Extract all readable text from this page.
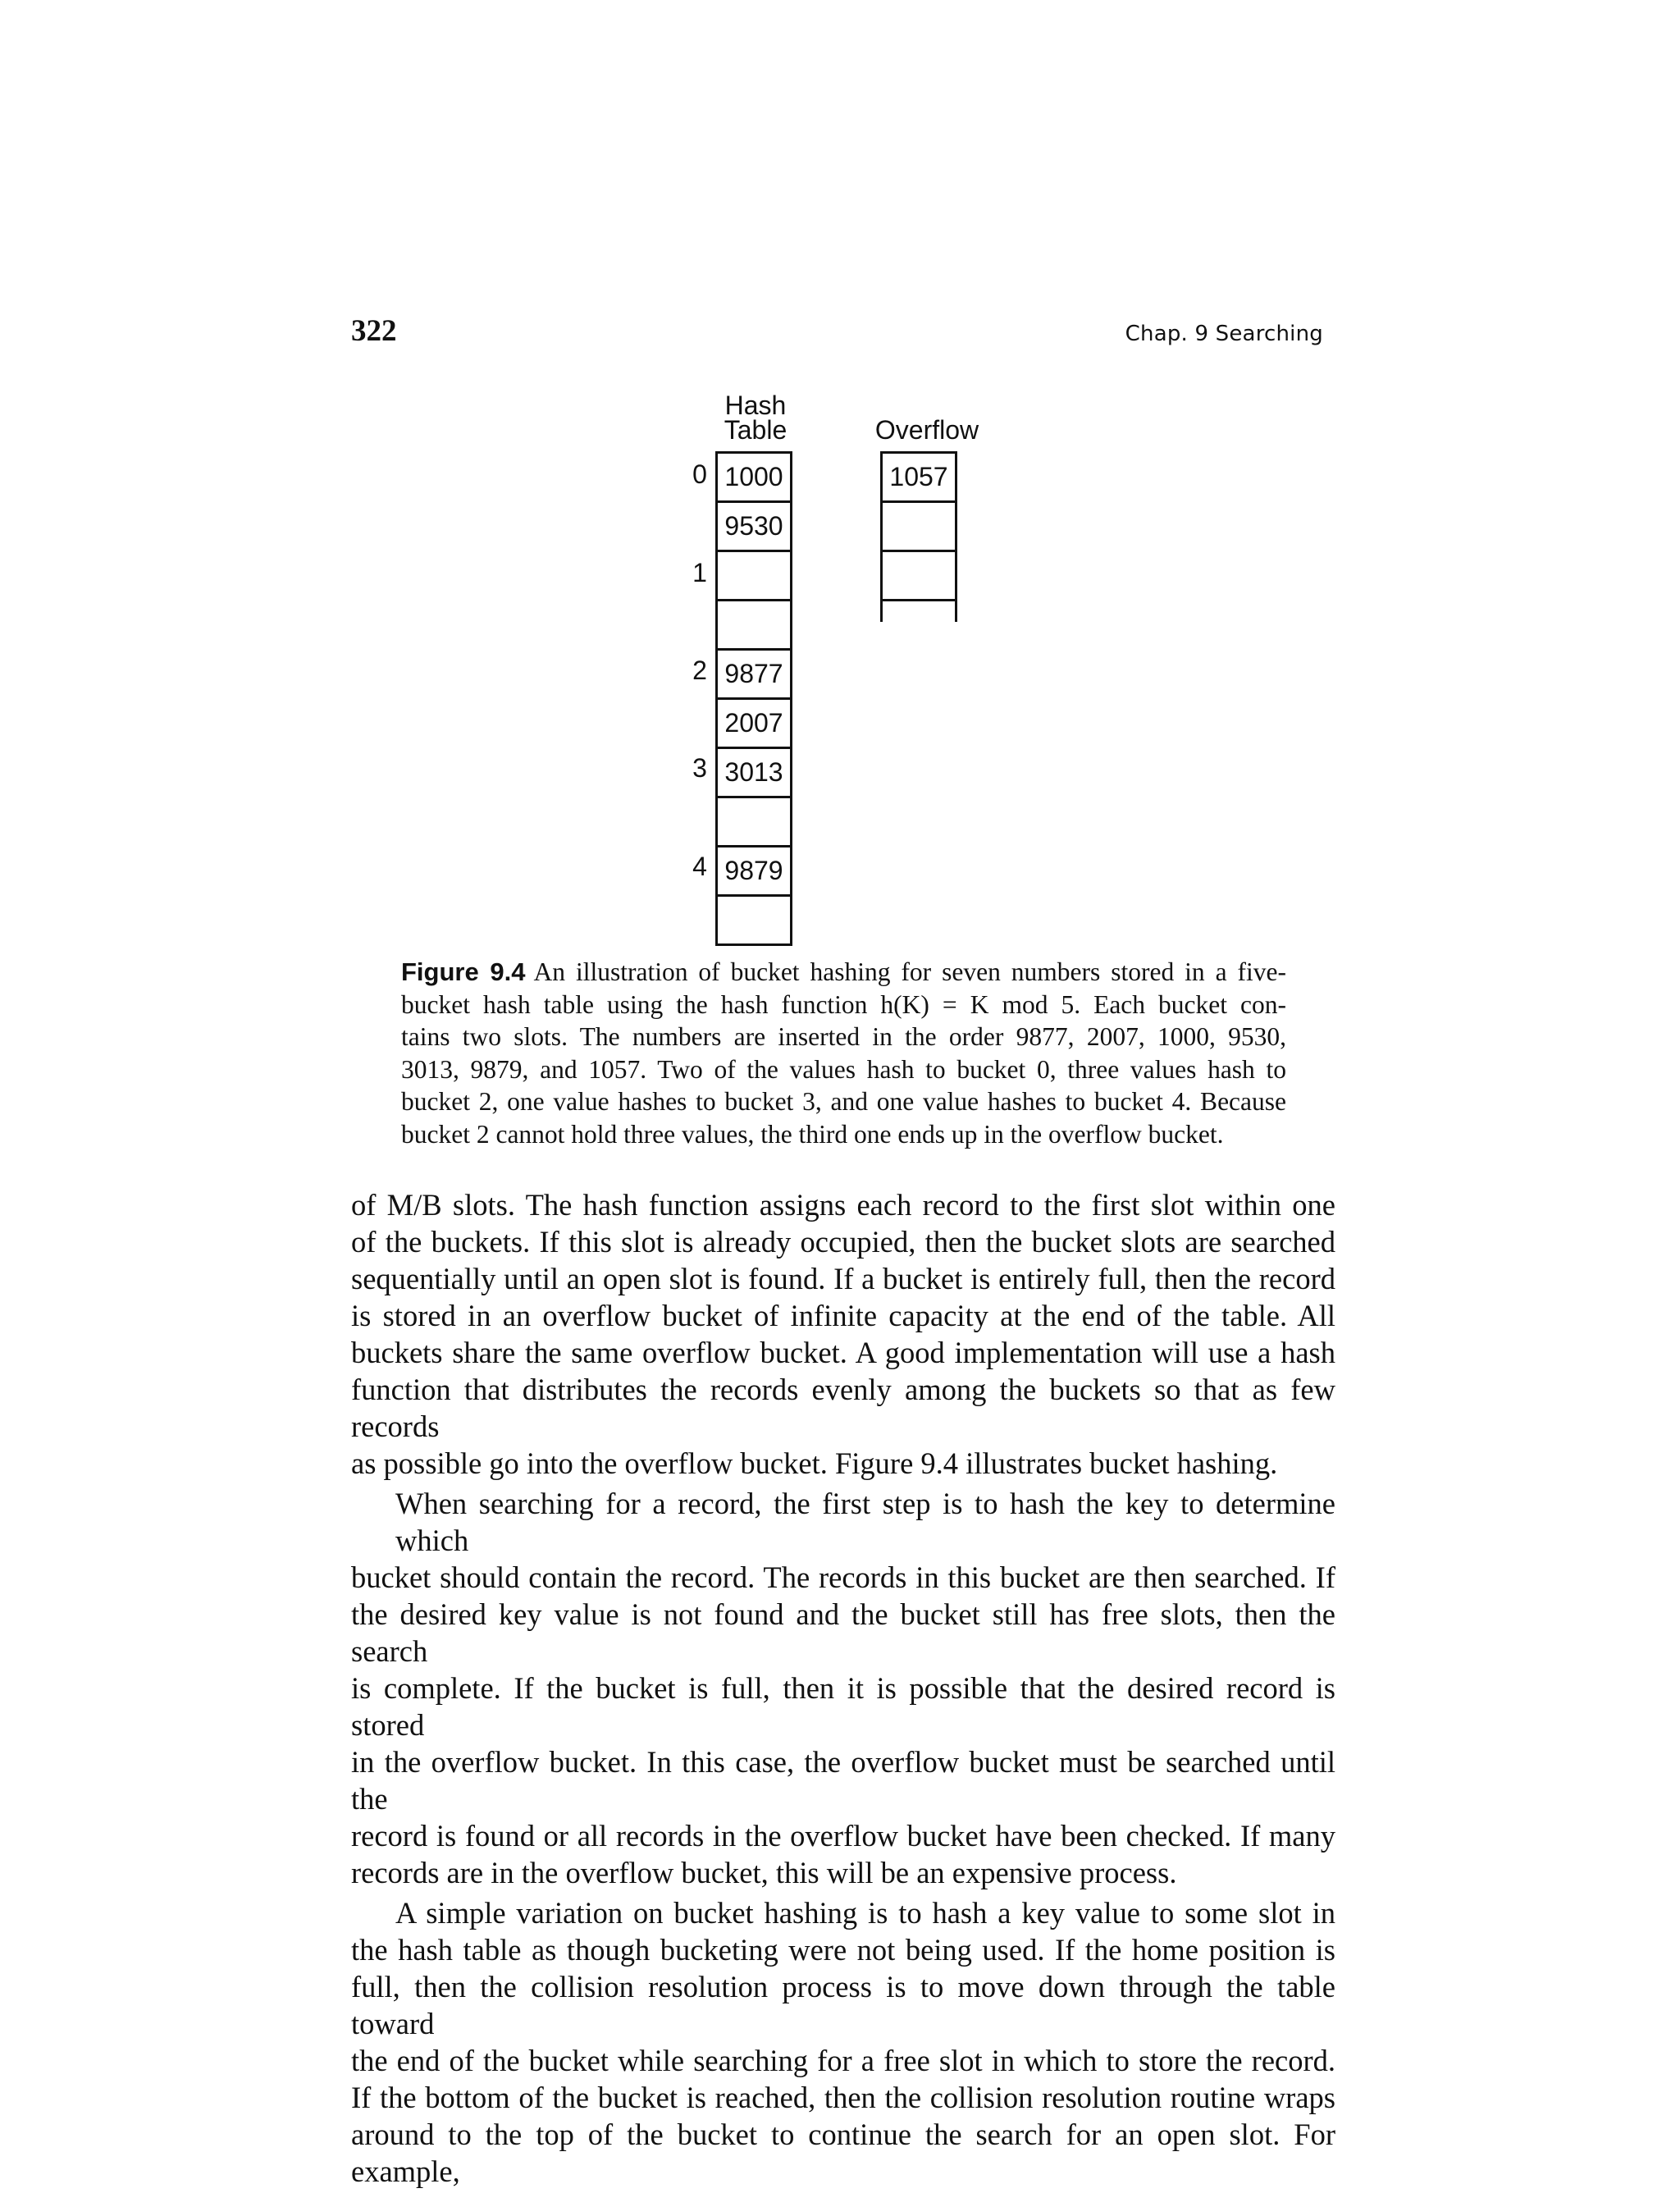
322	Chap. 9 Searching
Hash
Table	Overflow
0
1
2
3
4
1000
9530
9877
2007
3013
9879
1057
Figure 9.4 An illustration of bucket hashing for seven numbers stored in a five-
bucket hash table using the hash function h(K) = K mod 5. Each bucket con-
tains two slots. The numbers are inserted in the order 9877, 2007, 1000, 9530,
3013, 9879, and 1057. Two of the values hash to bucket 0, three values hash to
bucket 2, one value hashes to bucket 3, and one value hashes to bucket 4. Because
bucket 2 cannot hold three values, the third one ends up in the overflow bucket.

of M/B slots. The hash function assigns each record to the first slot within one
of the buckets. If this slot is already occupied, then the bucket slots are searched
sequentially until an open slot is found. If a bucket is entirely full, then the record
is stored in an overflow bucket of infinite capacity at the end of the table. All
buckets share the same overflow bucket. A good implementation will use a hash
function that distributes the records evenly among the buckets so that as few records
as possible go into the overflow bucket. Figure 9.4 illustrates bucket hashing.

When searching for a record, the first step is to hash the key to determine which
bucket should contain the record. The records in this bucket are then searched. If
the desired key value is not found and the bucket still has free slots, then the search
is complete. If the bucket is full, then it is possible that the desired record is stored
in the overflow bucket. In this case, the overflow bucket must be searched until the
record is found or all records in the overflow bucket have been checked. If many
records are in the overflow bucket, this will be an expensive process.

A simple variation on bucket hashing is to hash a key value to some slot in
the hash table as though bucketing were not being used. If the home position is
full, then the collision resolution process is to move down through the table toward
the end of the bucket while searching for a free slot in which to store the record.
If the bottom of the bucket is reached, then the collision resolution routine wraps
around to the top of the bucket to continue the search for an open slot. For example,
